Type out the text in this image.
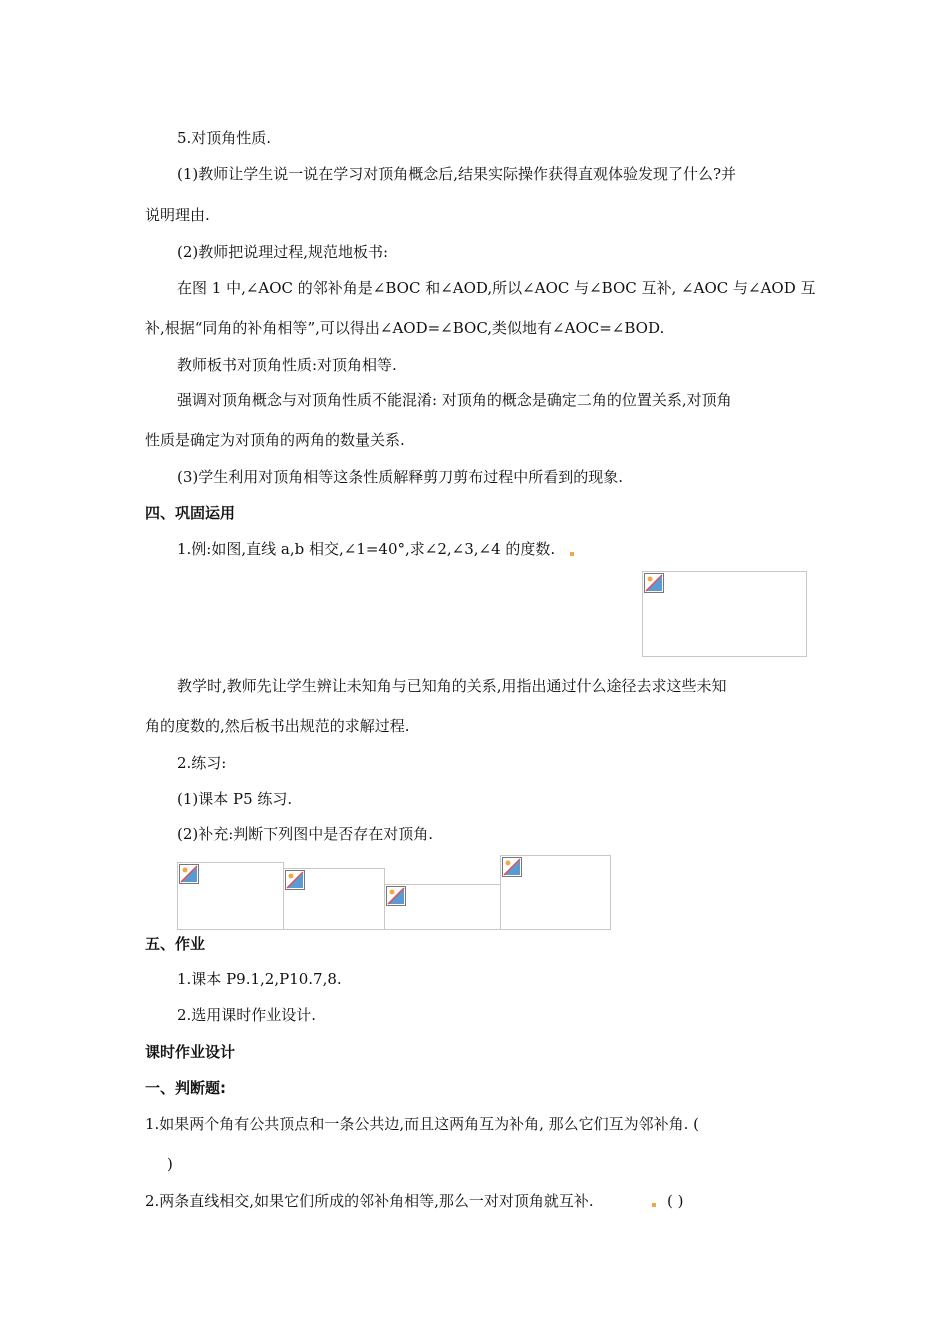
5.对顶角性质.
(1)教师让学生说一说在学习对顶角概念后,结果实际操作获得直观体验发现了什么?并
说明理由.
(2)教师把说理过程,规范地板书:
在图 1 中,∠AOC 的邻补角是∠BOC 和∠AOD,所以∠AOC 与∠BOC 互补, ∠AOC 与∠AOD 互
补,根据“同角的补角相等”,可以得出∠AOD=∠BOC,类似地有∠AOC=∠BOD.
教师板书对顶角性质:对顶角相等.
强调对顶角概念与对顶角性质不能混淆: 对顶角的概念是确定二角的位置关系,对顶角
性质是确定为对顶角的两角的数量关系.
(3)学生利用对顶角相等这条性质解释剪刀剪布过程中所看到的现象.
四、巩固运用
1.例:如图,直线 a,b 相交,∠1=40°,求∠2,∠3,∠4 的度数.
教学时,教师先让学生辨让未知角与已知角的关系,用指出通过什么途径去求这些未知
角的度数的,然后板书出规范的求解过程.
2.练习:
(1)课本 P5 练习.
(2)补充:判断下列图中是否存在对顶角.
五、作业
1.课本 P9.1,2,P10.7,8.
2.选用课时作业设计.
课时作业设计
一、判断题:
1.如果两个角有公共顶点和一条公共边,而且这两角互为补角, 那么它们互为邻补角. (
)
2.两条直线相交,如果它们所成的邻补角相等,那么一对对顶角就互补.	( )
